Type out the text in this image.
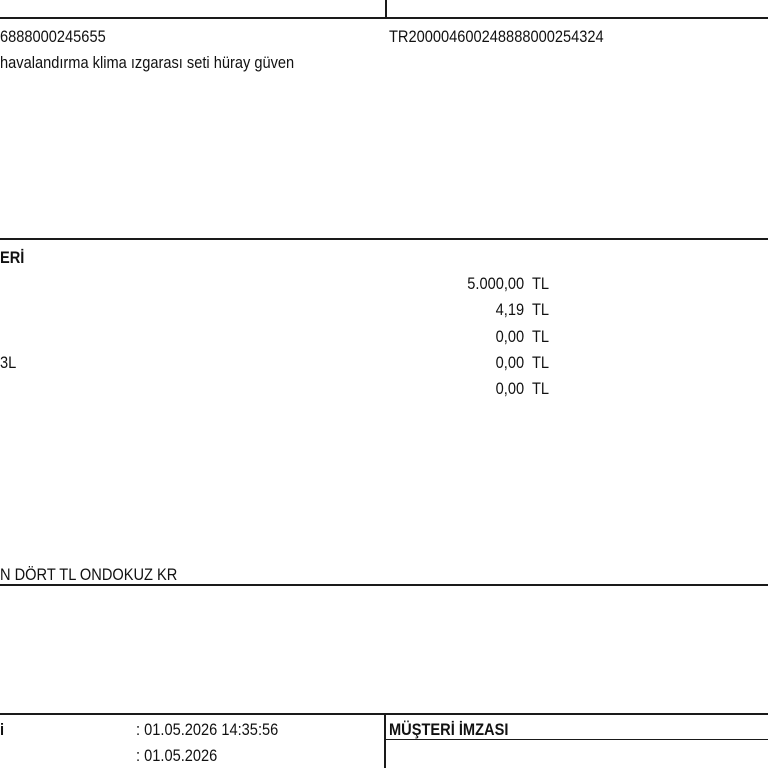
6888000245655	TR200004600248888000254324
havalandırma klima ızgarası seti hüray güven
ERİ
5.000,00 TL
4,19 TL
0,00 TL
3L	0,00 TL
0,00 TL
N DÖRT TL ONDOKUZ KR
i	: 01.05.2026 14:35:56
: 01.05.2026
MÜŞTERİ İMZASI
